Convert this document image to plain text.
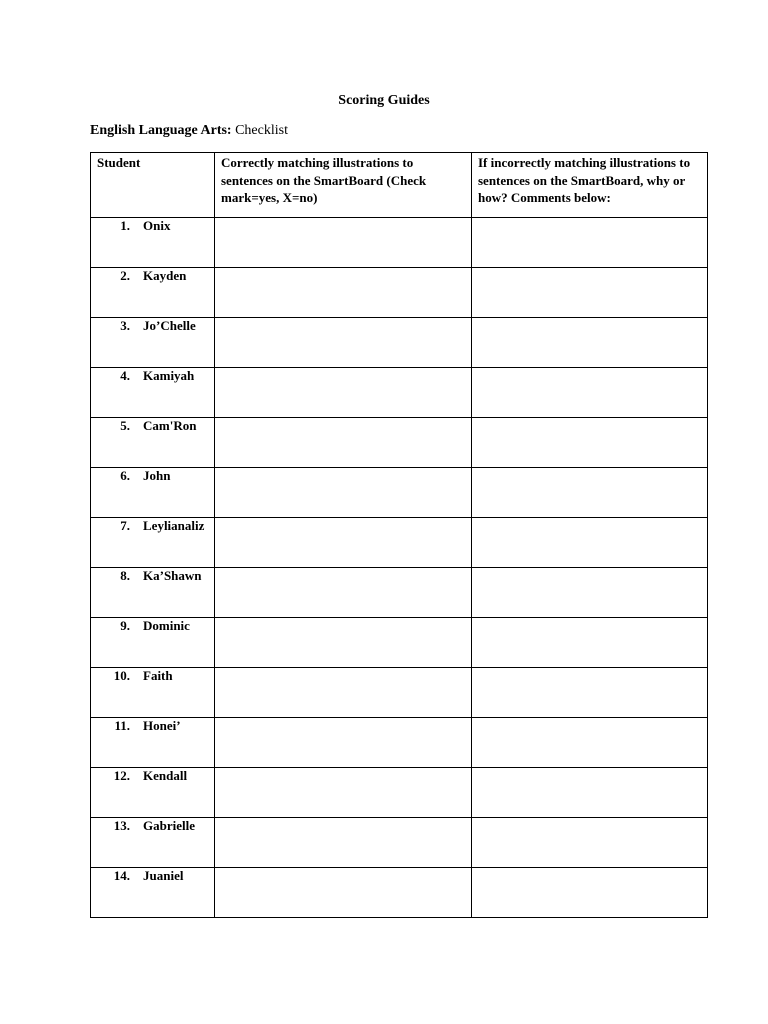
Scoring Guides
English Language Arts: Checklist
Student	Correctly matching illustrations to sentences on the SmartBoard (Check mark=yes, X=no)	If incorrectly matching illustrations to sentences on the SmartBoard, why or how? Comments below:

1. Onix		

2. Kayden		

3. Jo’Chelle		

4. Kamiyah		

5. Cam'Ron		

6. John		

7. Leylianaliz		

8. Ka’Shawn		

9. Dominic		

10. Faith		

11. Honei’		

12. Kendall		

13. Gabrielle		

14. Juaniel		
